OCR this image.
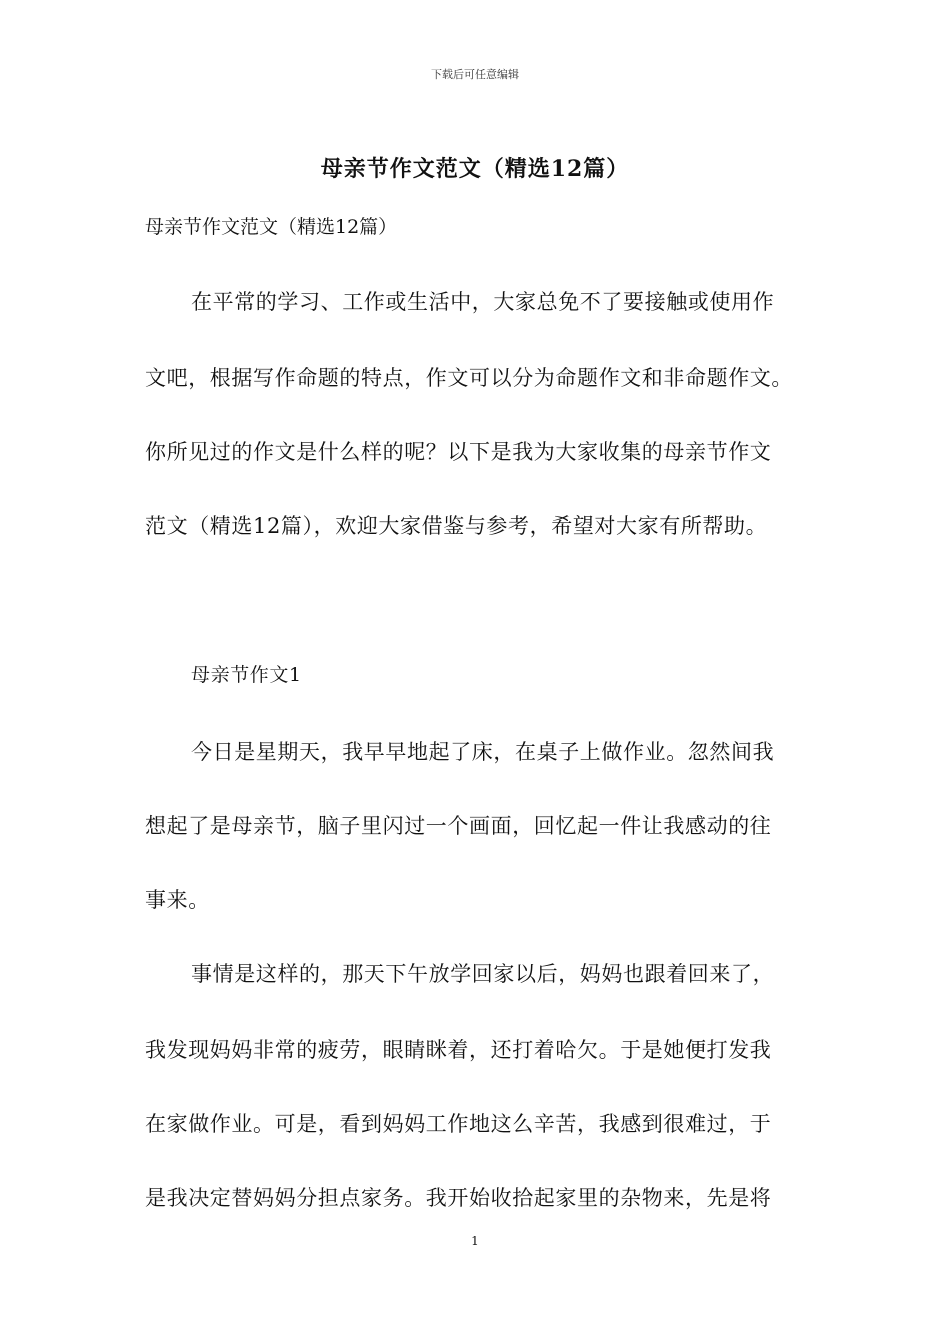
下载后可任意编辑
母亲节作文范文（精选12篇）
母亲节作文范文（精选12篇）
在平常的学习、工作或生活中，大家总免不了要接触或使用作
文吧，根据写作命题的特点，作文可以分为命题作文和非命题作文。
你所见过的作文是什么样的呢？以下是我为大家收集的母亲节作文
范文（精选12篇），欢迎大家借鉴与参考，希望对大家有所帮助。
母亲节作文1
今日是星期天，我早早地起了床，在桌子上做作业。忽然间我
想起了是母亲节，脑子里闪过一个画面，回忆起一件让我感动的往
事来。
事情是这样的，那天下午放学回家以后，妈妈也跟着回来了，
我发现妈妈非常的疲劳，眼睛眯着，还打着哈欠。于是她便打发我
在家做作业。可是，看到妈妈工作地这么辛苦，我感到很难过，于
是我决定替妈妈分担点家务。我开始收拾起家里的杂物来，先是将
1
